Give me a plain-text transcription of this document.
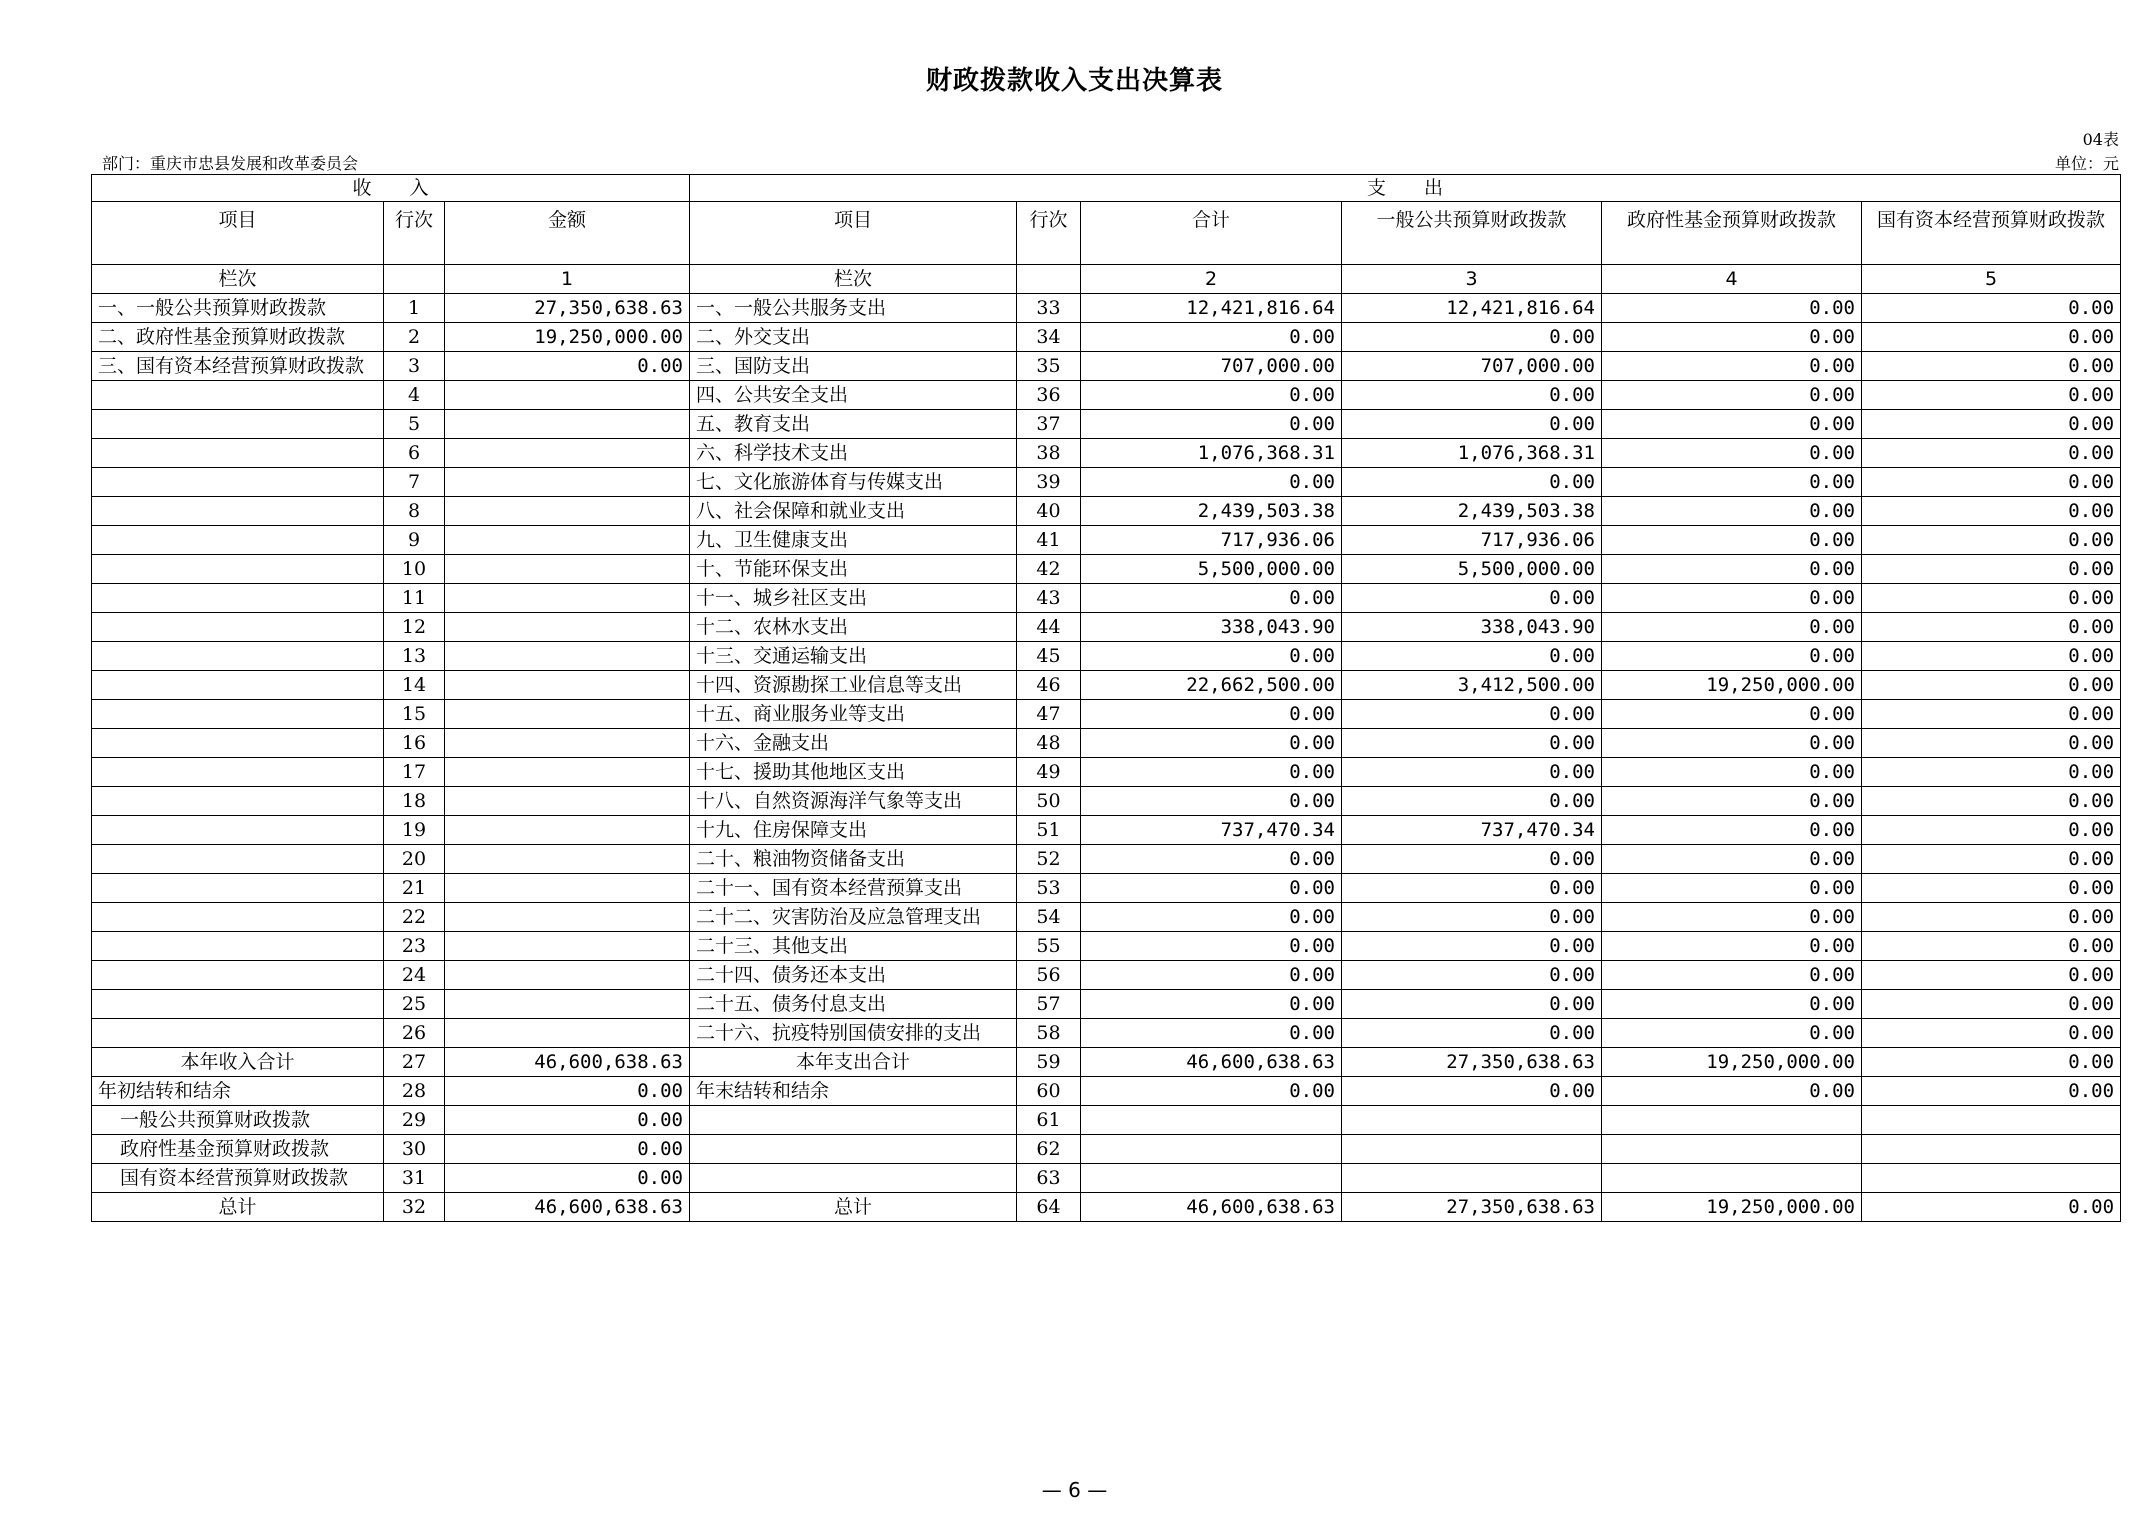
财政拨款收入支出决算表
04表
部门：重庆市忠县发展和改革委员会	单位：元
收　　入			支　　出					
项目	行次	金额	项目	行次	合计	一般公共预算财政拨款	政府性基金预算财政拨款	国有资本经营预算财政拨款
栏次		1	栏次		2	3	4	5
一、一般公共预算财政拨款	1	27,350,638.63	一、一般公共服务支出	33	12,421,816.64	12,421,816.64	0.00	0.00
二、政府性基金预算财政拨款	2	19,250,000.00	二、外交支出	34	0.00	0.00	0.00	0.00
三、国有资本经营预算财政拨款	3	0.00	三、国防支出	35	707,000.00	707,000.00	0.00	0.00
	4		四、公共安全支出	36	0.00	0.00	0.00	0.00
	5		五、教育支出	37	0.00	0.00	0.00	0.00
	6		六、科学技术支出	38	1,076,368.31	1,076,368.31	0.00	0.00
	7		七、文化旅游体育与传媒支出	39	0.00	0.00	0.00	0.00
	8		八、社会保障和就业支出	40	2,439,503.38	2,439,503.38	0.00	0.00
	9		九、卫生健康支出	41	717,936.06	717,936.06	0.00	0.00
	10		十、节能环保支出	42	5,500,000.00	5,500,000.00	0.00	0.00
	11		十一、城乡社区支出	43	0.00	0.00	0.00	0.00
	12		十二、农林水支出	44	338,043.90	338,043.90	0.00	0.00
	13		十三、交通运输支出	45	0.00	0.00	0.00	0.00
	14		十四、资源勘探工业信息等支出	46	22,662,500.00	3,412,500.00	19,250,000.00	0.00
	15		十五、商业服务业等支出	47	0.00	0.00	0.00	0.00
	16		十六、金融支出	48	0.00	0.00	0.00	0.00
	17		十七、援助其他地区支出	49	0.00	0.00	0.00	0.00
	18		十八、自然资源海洋气象等支出	50	0.00	0.00	0.00	0.00
	19		十九、住房保障支出	51	737,470.34	737,470.34	0.00	0.00
	20		二十、粮油物资储备支出	52	0.00	0.00	0.00	0.00
	21		二十一、国有资本经营预算支出	53	0.00	0.00	0.00	0.00
	22		二十二、灾害防治及应急管理支出	54	0.00	0.00	0.00	0.00
	23		二十三、其他支出	55	0.00	0.00	0.00	0.00
	24		二十四、债务还本支出	56	0.00	0.00	0.00	0.00
	25		二十五、债务付息支出	57	0.00	0.00	0.00	0.00
	26		二十六、抗疫特别国债安排的支出	58	0.00	0.00	0.00	0.00
本年收入合计	27	46,600,638.63	本年支出合计	59	46,600,638.63	27,350,638.63	19,250,000.00	0.00
年初结转和结余	28	0.00	年末结转和结余	60	0.00	0.00	0.00	0.00
一般公共预算财政拨款	29	0.00		61				
政府性基金预算财政拨款	30	0.00		62				
国有资本经营预算财政拨款	31	0.00		63				
总计	32	46,600,638.63	总计	64	46,600,638.63	27,350,638.63	19,250,000.00	0.00
— 6 —
